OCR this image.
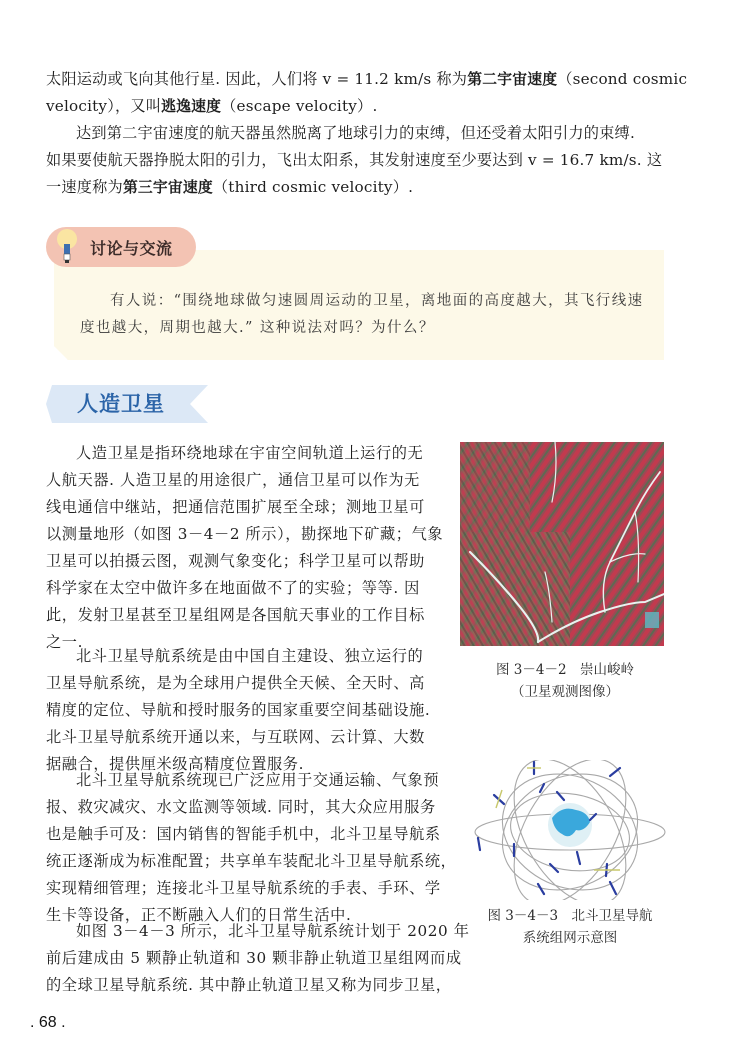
太阳运动或飞向其他行星. 因此，人们将 v = 11.2 km/s 称为第二宇宙速度（second cosmic
velocity），又叫逃逸速度（escape velocity）.
达到第二宇宙速度的航天器虽然脱离了地球引力的束缚，但还受着太阳引力的束缚.
如果要使航天器挣脱太阳的引力，飞出太阳系，其发射速度至少要达到 v = 16.7 km/s. 这
一速度称为第三宇宙速度（third cosmic velocity）.
讨论与交流
有人说：“围绕地球做匀速圆周运动的卫星，离地面的高度越大，其飞行线速
度也越大，周期也越大.” 这种说法对吗？为什么？
人造卫星
人造卫星是指环绕地球在宇宙空间轨道上运行的无
人航天器. 人造卫星的用途很广，通信卫星可以作为无
线电通信中继站，把通信范围扩展至全球；测地卫星可
以测量地形（如图 3－4－2 所示），勘探地下矿藏；气象
卫星可以拍摄云图，观测气象变化；科学卫星可以帮助
科学家在太空中做许多在地面做不了的实验；等等. 因
此，发射卫星甚至卫星组网是各国航天事业的工作目标
之一.
北斗卫星导航系统是由中国自主建设、独立运行的
卫星导航系统，是为全球用户提供全天候、全天时、高
精度的定位、导航和授时服务的国家重要空间基础设施.
北斗卫星导航系统开通以来，与互联网、云计算、大数
据融合，提供厘米级高精度位置服务.
北斗卫星导航系统现已广泛应用于交通运输、气象预
报、救灾减灾、水文监测等领域. 同时，其大众应用服务
也是触手可及：国内销售的智能手机中，北斗卫星导航系
统正逐渐成为标准配置；共享单车装配北斗卫星导航系统，
实现精细管理；连接北斗卫星导航系统的手表、手环、学
生卡等设备，正不断融入人们的日常生活中.
如图 3－4－3 所示，北斗卫星导航系统计划于 2020 年
前后建成由 5 颗静止轨道和 30 颗非静止轨道卫星组网而成
的全球卫星导航系统. 其中静止轨道卫星又称为同步卫星，
图 3－4－2　崇山峻岭
（卫星观测图像）
图 3－4－3　北斗卫星导航
系统组网示意图
. 68 .
